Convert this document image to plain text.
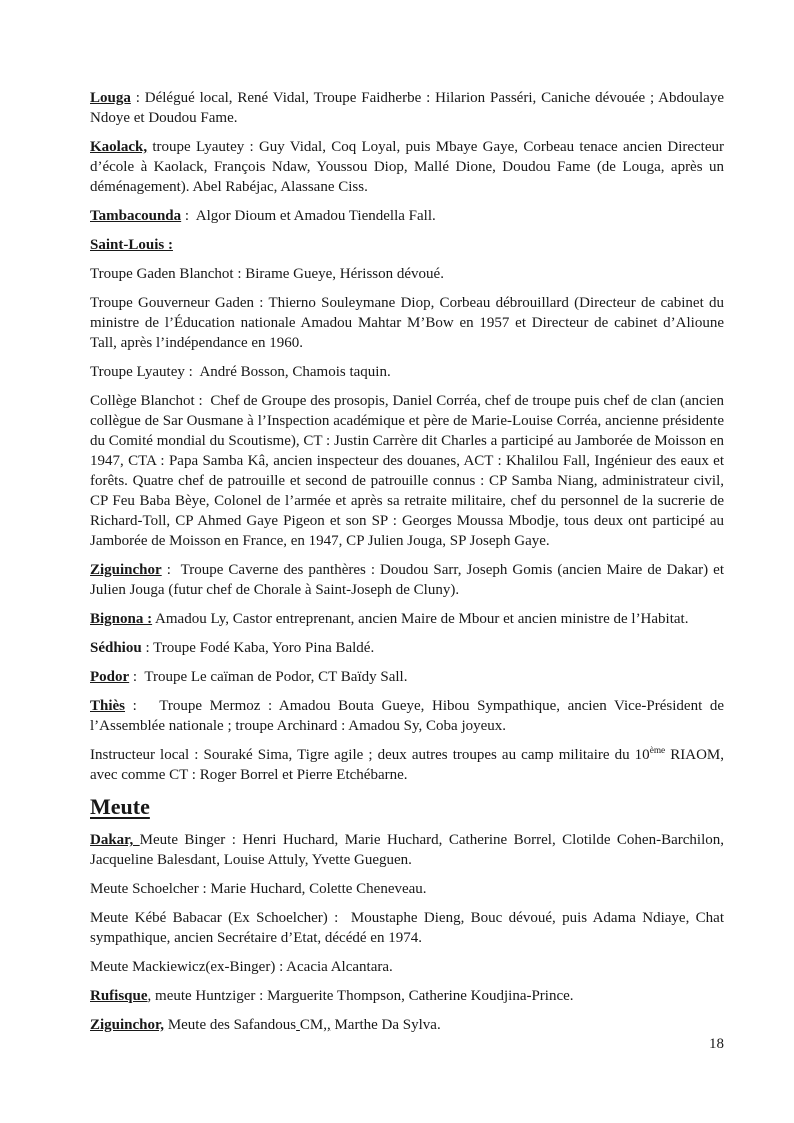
Louga : Délégué local, René Vidal, Troupe Faidherbe : Hilarion Passéri, Caniche dévouée ; Abdoulaye Ndoye et Doudou Fame.

Kaolack, troupe Lyautey : Guy Vidal, Coq Loyal, puis Mbaye Gaye, Corbeau tenace ancien Directeur d’école à Kaolack, François Ndaw, Youssou Diop, Mallé Dione, Doudou Fame (de Louga, après un déménagement). Abel Rabéjac, Alassane Ciss.

Tambacounda :  Algor Dioum et Amadou Tiendella Fall.

Saint-Louis :

Troupe Gaden Blanchot : Birame Gueye, Hérisson dévoué.

Troupe Gouverneur Gaden : Thierno Souleymane Diop, Corbeau débrouillard (Directeur de cabinet du ministre de l’Éducation nationale Amadou Mahtar M’Bow en 1957 et Directeur de cabinet d’Alioune Tall, après l’indépendance en 1960.

Troupe Lyautey :  André Bosson, Chamois taquin.

Collège Blanchot :  Chef de Groupe des prosopis, Daniel Corréa, chef de troupe puis chef de clan (ancien collègue de Sar Ousmane à l’Inspection académique et père de Marie-Louise Corréa, ancienne présidente du Comité mondial du Scoutisme), CT : Justin Carrère dit Charles a participé au Jamborée de Moisson en 1947, CTA : Papa Samba Kâ, ancien inspecteur des douanes, ACT : Khalilou Fall, Ingénieur des eaux et forêts. Quatre chef de patrouille et second de patrouille connus : CP Samba Niang, administrateur civil, CP Feu Baba Bèye, Colonel de l’armée et après sa retraite militaire, chef du personnel de la sucrerie de Richard-Toll, CP Ahmed Gaye Pigeon et son SP : Georges Moussa Mbodje, tous deux ont participé au Jamborée de Moisson en France, en 1947, CP Julien Jouga, SP Joseph Gaye.

Ziguinchor :  Troupe Caverne des panthères : Doudou Sarr, Joseph Gomis (ancien Maire de Dakar) et Julien Jouga (futur chef de Chorale à Saint-Joseph de Cluny).

Bignona : Amadou Ly, Castor entreprenant, ancien Maire de Mbour et ancien ministre de l’Habitat.

Sédhiou : Troupe Fodé Kaba, Yoro Pina Baldé.

Podor :  Troupe Le caïman de Podor, CT Baïdy Sall.

Thiès :   Troupe Mermoz : Amadou Bouta Gueye, Hibou Sympathique, ancien Vice-Président de l’Assemblée nationale ; troupe Archinard : Amadou Sy, Coba joyeux.

Instructeur local : Souraké Sima, Tigre agile ; deux autres troupes au camp militaire du 10ème RIAOM, avec comme CT : Roger Borrel et Pierre Etchébarne.

Meute

Dakar, Meute Binger : Henri Huchard, Marie Huchard, Catherine Borrel, Clotilde Cohen-Barchilon, Jacqueline Balesdant, Louise Attuly, Yvette Gueguen.

Meute Schoelcher : Marie Huchard, Colette Cheneveau.

Meute Kébé Babacar (Ex Schoelcher) :  Moustaphe Dieng, Bouc dévoué, puis Adama Ndiaye, Chat sympathique, ancien Secrétaire d’Etat, décédé en 1974.

Meute Mackiewicz(ex-Binger) : Acacia Alcantara.

Rufisque, meute Huntziger : Marguerite Thompson, Catherine Koudjina-Prince.

Ziguinchor, Meute des Safandous CM,, Marthe Da Sylva.

18
